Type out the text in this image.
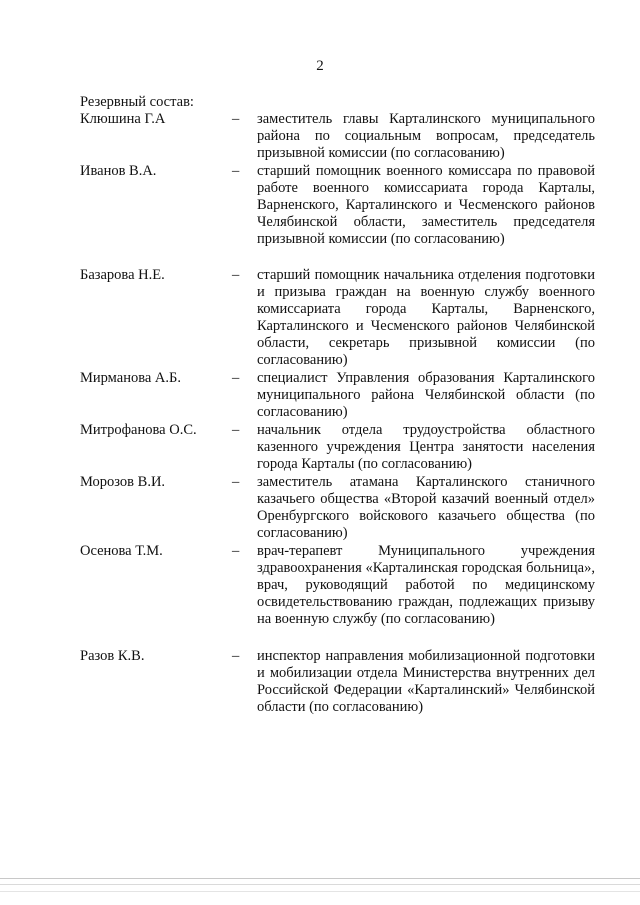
2
Резервный состав:
Клюшина Г.А	– заместитель главы Карталинского муниципального района по социальным вопросам, председатель призывной комиссии (по согласованию)
Иванов В.А.	– старший помощник военного комиссара по правовой работе военного комиссариата города Карталы, Варненского, Карталинского и Чесменского районов Челябинской области, заместитель председателя призывной комиссии (по согласованию)
Базарова Н.Е.	– старший помощник начальника отделения подготовки и призыва граждан на военную службу военного комиссариата города Карталы, Варненского, Карталинского и Чесменского районов Челябинской области, секретарь призывной комиссии (по согласованию)
Мирманова А.Б.	– специалист Управления образования Карталинского муниципального района Челябинской области (по согласованию)
Митрофанова О.С. – начальник отдела трудоустройства областного казенного учреждения Центра занятости населения города Карталы (по согласованию)
Морозов В.И.	– заместитель атамана Карталинского станичного казачьего общества «Второй казачий военный отдел» Оренбургского войскового казачьего общества (по согласованию)
Осенова Т.М.	– врач-терапевт Муниципального учреждения здравоохранения «Карталинская городская больница», врач, руководящий работой по медицинскому освидетельствованию граждан, подлежащих призыву на военную службу (по согласованию)
Разов К.В.	– инспектор направления мобилизационной подготовки и мобилизации отдела Министерства внутренних дел Российской Федерации «Карталинский» Челябинской области (по согласованию)
